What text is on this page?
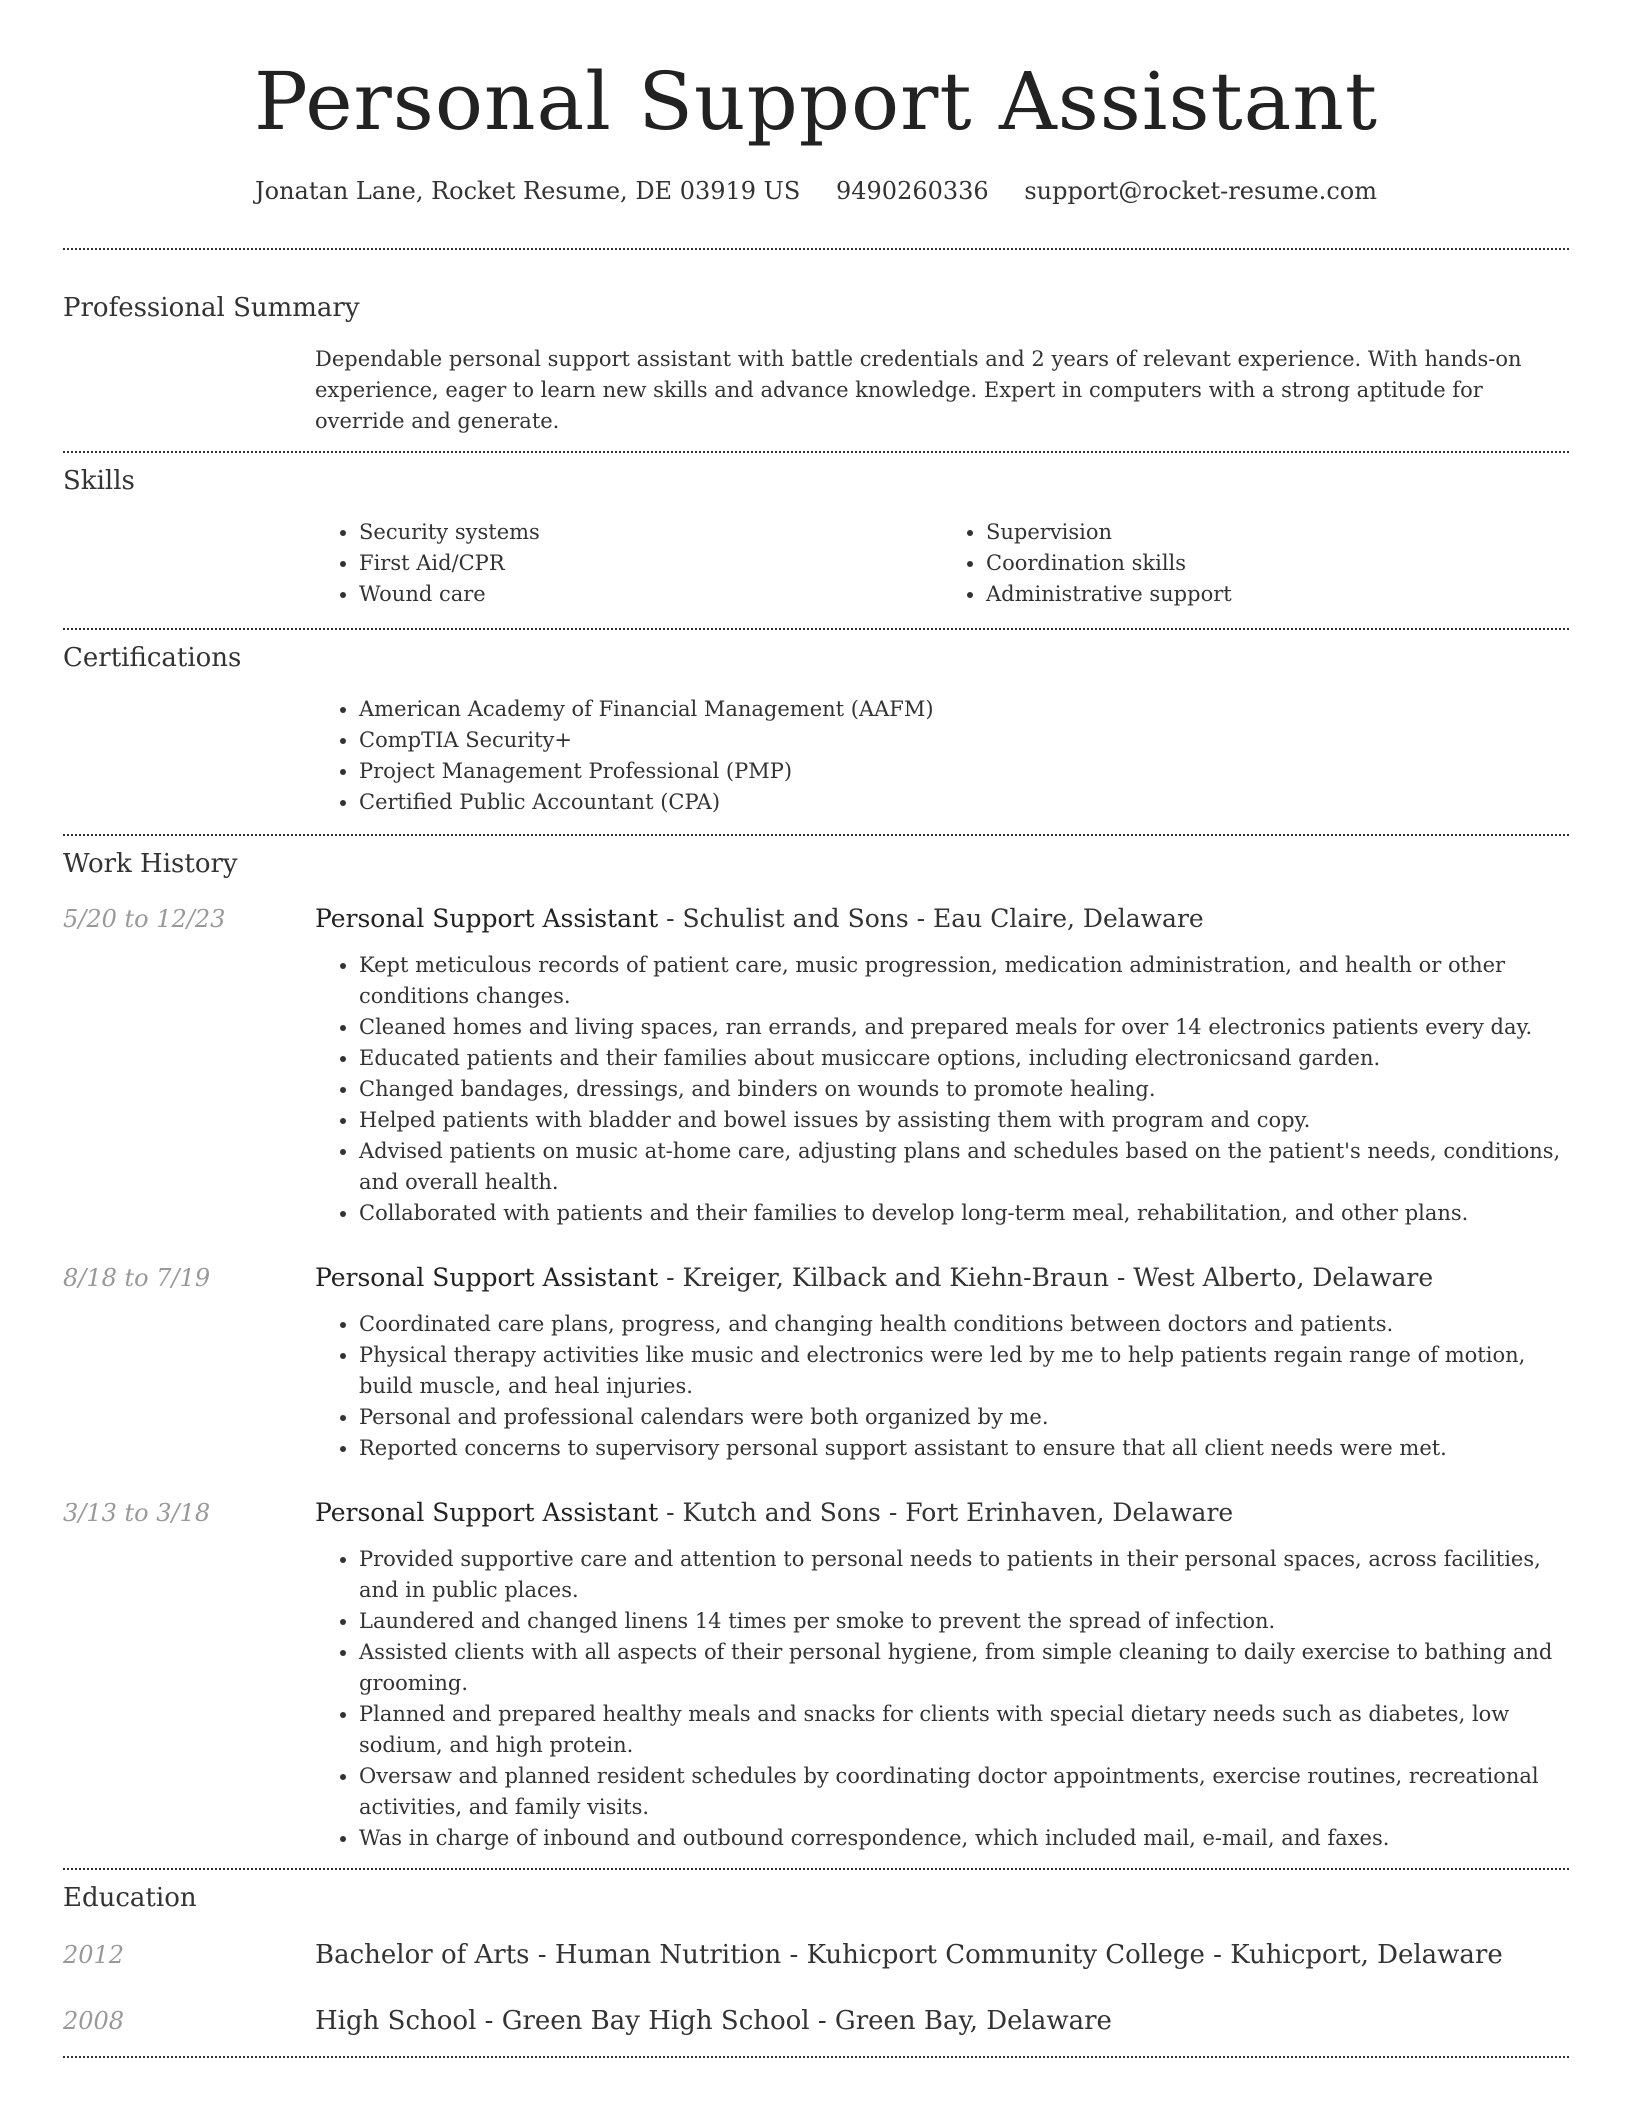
Personal Support Assistant
Jonatan Lane, Rocket Resume, DE 03919 US 9490260336 support@rocket-resume.com
Professional Summary
Dependable personal support assistant with battle credentials and 2 years of relevant experience. With hands-on experience, eager to learn new skills and advance knowledge. Expert in computers with a strong aptitude for override and generate.
Skills
• Security systems
• First Aid/CPR
• Wound care
• Supervision
• Coordination skills
• Administrative support
Certifications
• American Academy of Financial Management (AAFM)
• CompTIA Security+
• Project Management Professional (PMP)
• Certified Public Accountant (CPA)
Work History
5/20 to 12/23	Personal Support Assistant - Schulist and Sons - Eau Claire, Delaware
• Kept meticulous records of patient care, music progression, medication administration, and health or other conditions changes.
• Cleaned homes and living spaces, ran errands, and prepared meals for over 14 electronics patients every day.
• Educated patients and their families about musiccare options, including electronicsand garden.
• Changed bandages, dressings, and binders on wounds to promote healing.
• Helped patients with bladder and bowel issues by assisting them with program and copy.
• Advised patients on music at-home care, adjusting plans and schedules based on the patient's needs, conditions, and overall health.
• Collaborated with patients and their families to develop long-term meal, rehabilitation, and other plans.
8/18 to 7/19	Personal Support Assistant - Kreiger, Kilback and Kiehn-Braun - West Alberto, Delaware
• Coordinated care plans, progress, and changing health conditions between doctors and patients.
• Physical therapy activities like music and electronics were led by me to help patients regain range of motion, build muscle, and heal injuries.
• Personal and professional calendars were both organized by me.
• Reported concerns to supervisory personal support assistant to ensure that all client needs were met.
3/13 to 3/18	Personal Support Assistant - Kutch and Sons - Fort Erinhaven, Delaware
• Provided supportive care and attention to personal needs to patients in their personal spaces, across facilities, and in public places.
• Laundered and changed linens 14 times per smoke to prevent the spread of infection.
• Assisted clients with all aspects of their personal hygiene, from simple cleaning to daily exercise to bathing and grooming.
• Planned and prepared healthy meals and snacks for clients with special dietary needs such as diabetes, low sodium, and high protein.
• Oversaw and planned resident schedules by coordinating doctor appointments, exercise routines, recreational activities, and family visits.
• Was in charge of inbound and outbound correspondence, which included mail, e-mail, and faxes.
Education
2012	Bachelor of Arts - Human Nutrition - Kuhicport Community College - Kuhicport, Delaware
2008	High School - Green Bay High School - Green Bay, Delaware
